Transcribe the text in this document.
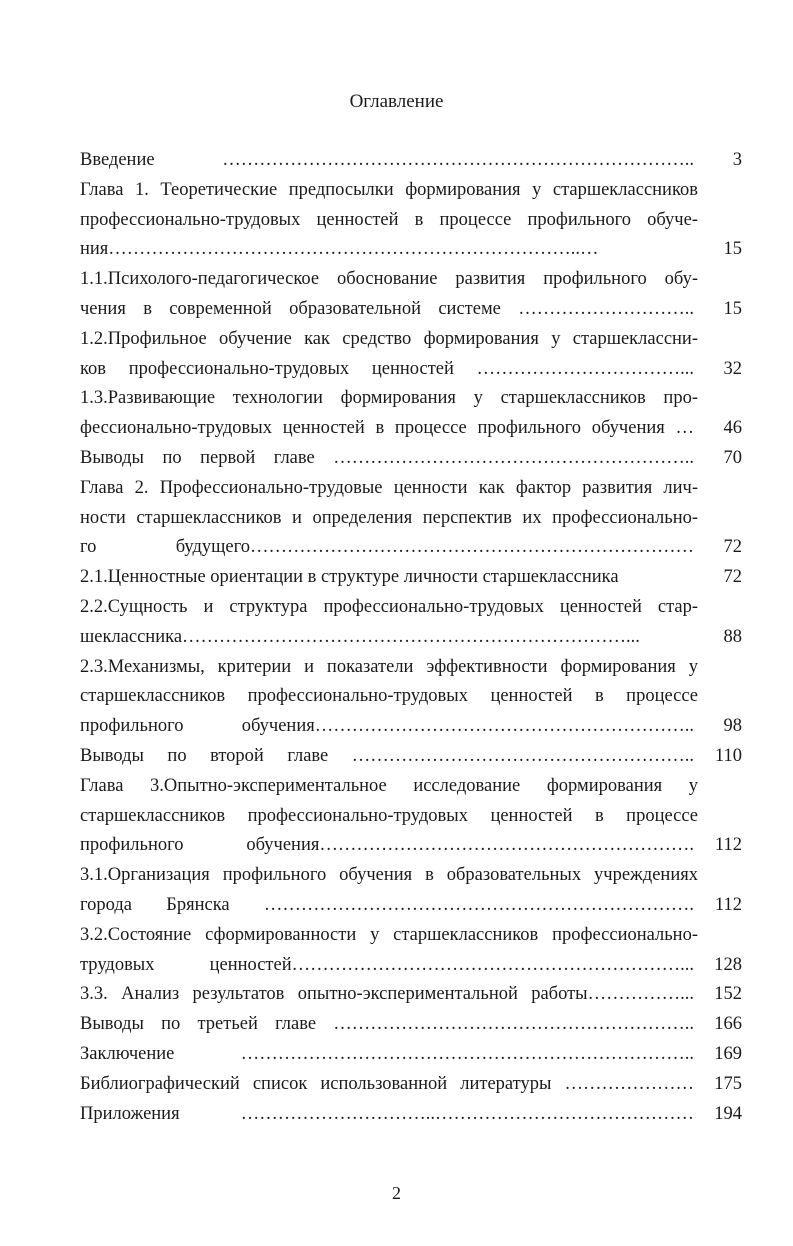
Оглавление
Введение ………………………………………………………………….. 3
Глава 1. Теоретические предпосылки формирования у старшеклассников
профессионально-трудовых ценностей в процессе профильного обуче-
ния…………………………………………………………………..…	15
1.1.Психолого-педагогическое обоснование развития профильного обу-
чения в современной образовательной системе ……………………….. 15
1.2.Профильное обучение как средство формирования у старшеклассни-
ков профессионально-трудовых ценностей ……………………………... 32
1.3.Развивающие технологии формирования у старшеклассников про-
фессионально-трудовых ценностей в процессе профильного обучения … 46
Выводы по первой главе ………………………………………………….. 70
Глава 2. Профессионально-трудовые ценности как фактор развития лич-
ности старшеклассников и определения перспектив их профессионально-
го будущего……………………………………………………………… 72
2.1.Ценностные ориентации в структуре личности старшеклассника	72
2.2.Сущность и структура профессионально-трудовых ценностей стар-
шеклассника………………………………………………………………...	88
2.3.Механизмы, критерии и показатели эффективности формирования у
старшеклассников профессионально-трудовых ценностей в процессе
профильного обучения…………………………………………………….. 98
Выводы по второй главе ……………………………………………….. 110
Глава 3.Опытно-экспериментальное исследование формирования у
старшеклассников профессионально-трудовых ценностей в процессе
профильного обучения……………………………………………………. 112
3.1.Организация профильного обучения в образовательных учреждениях
города Брянска ……………………………………………………………. 112
3.2.Состояние сформированности у старшеклассников профессионально-
трудовых ценностей………………………………………………………... 128
3.3. Анализ результатов опытно-экспериментальной работы……………... 152
Выводы по третьей главе ………………………………………………….. 166
Заключение ……………………………………………………………….. 169
Библиографический список использованной литературы ………………… 175
Приложения …………………………..…………………………………… 194
2
